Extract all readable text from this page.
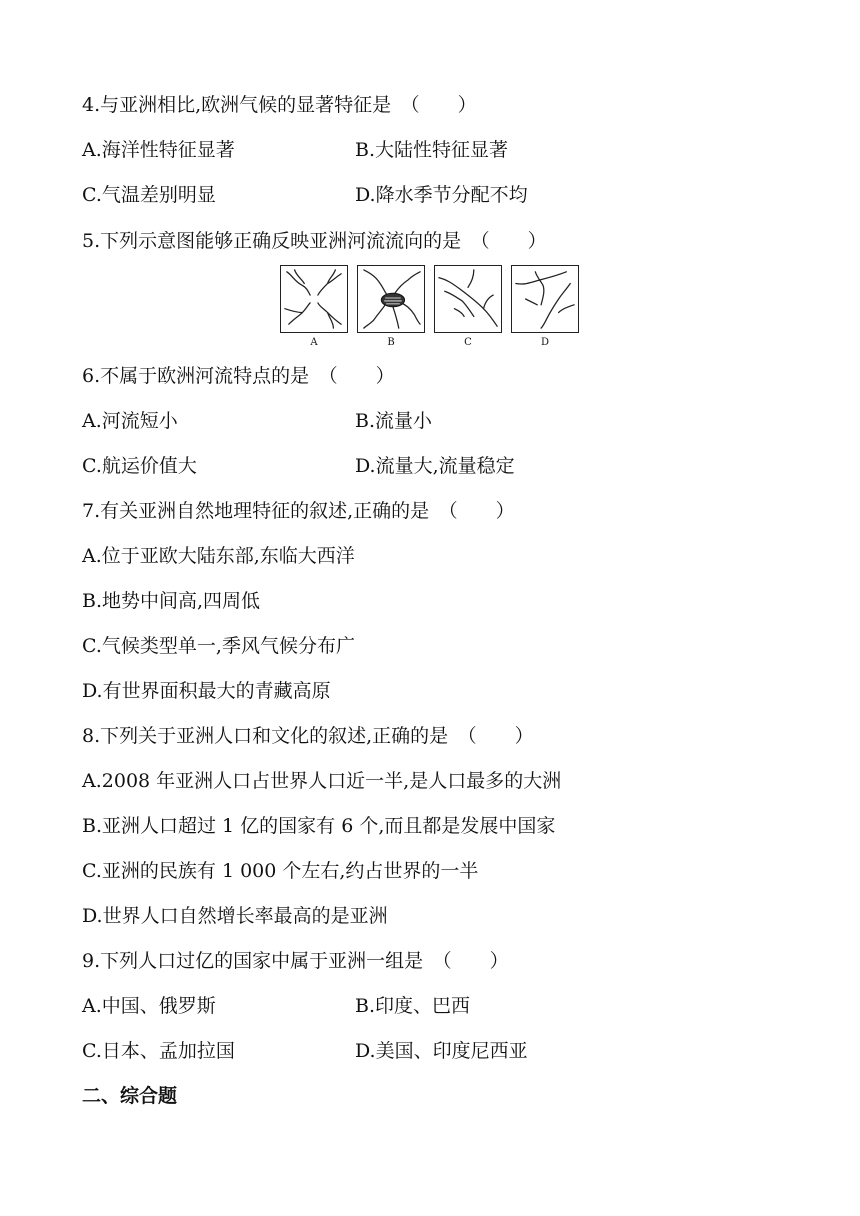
4.与亚洲相比,欧洲气候的显著特征是　（　　）
A.海洋性特征显著	B.大陆性特征显著
C.气温差别明显	D.降水季节分配不均
5.下列示意图能够正确反映亚洲河流流向的是　（　　）
A	B	C	D
6.不属于欧洲河流特点的是　（　　）
A.河流短小	B.流量小
C.航运价值大	D.流量大,流量稳定
7.有关亚洲自然地理特征的叙述,正确的是　（　　）
A.位于亚欧大陆东部,东临大西洋
B.地势中间高,四周低
C.气候类型单一,季风气候分布广
D.有世界面积最大的青藏高原
8.下列关于亚洲人口和文化的叙述,正确的是　（　　）
A.2008 年亚洲人口占世界人口近一半,是人口最多的大洲
B.亚洲人口超过 1 亿的国家有 6 个,而且都是发展中国家
C.亚洲的民族有 1 000 个左右,约占世界的一半
D.世界人口自然增长率最高的是亚洲
9.下列人口过亿的国家中属于亚洲一组是　（　　）
A.中国、俄罗斯	B.印度、巴西
C.日本、孟加拉国	D.美国、印度尼西亚
二、综合题
